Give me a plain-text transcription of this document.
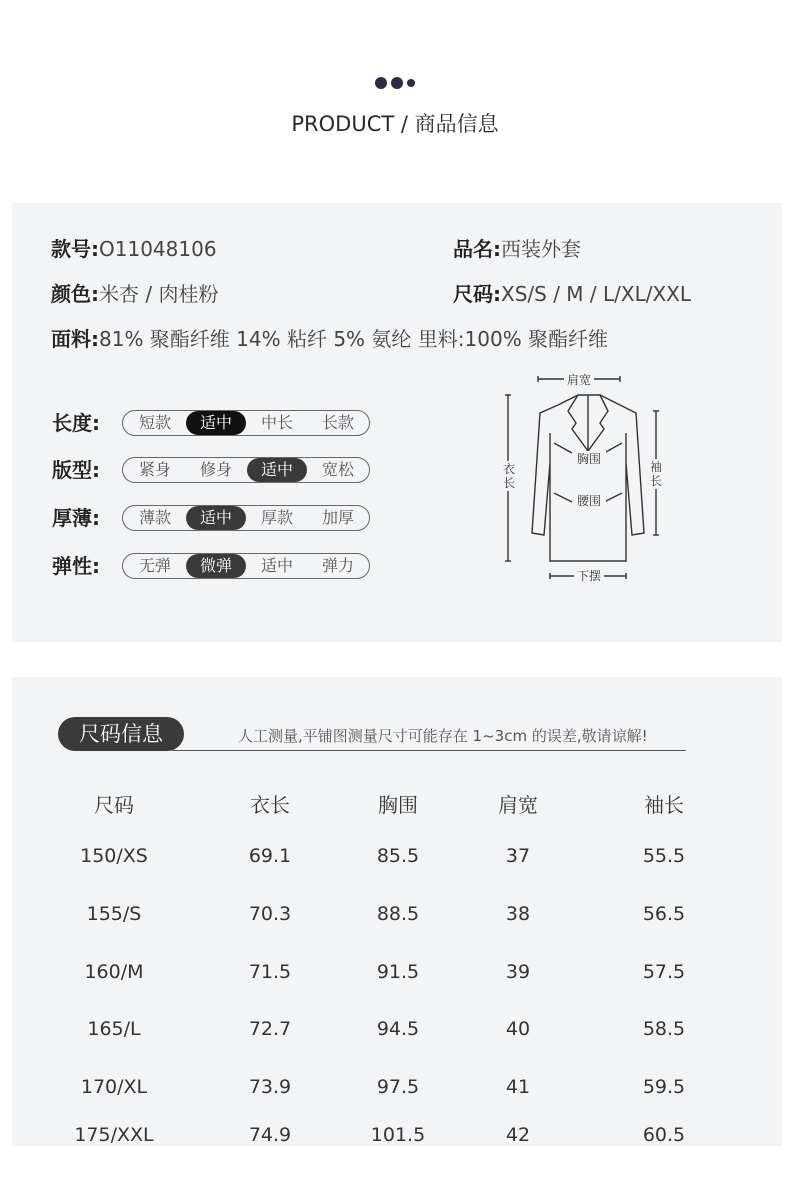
PRODUCT / 商品信息
款号:O11048106	品名:西装外套
颜色:米杏 / 肉桂粉	尺码:XS/S / M / L/XL/XXL
面料:81% 聚酯纤维 14% 粘纤 5% 氨纶 里料:100% 聚酯纤维
长度:	短款	适中	中长	长款
版型:	紧身	修身	适中	宽松
厚薄:	薄款	适中	厚款	加厚
弹性:	无弹	微弹	适中	弹力
肩宽
衣
长
袖
长
胸围
腰围
下摆
尺码信息	人工测量,平铺图测量尺寸可能存在 1~3cm 的误差,敬请谅解!
尺码	衣长	胸围	肩宽	袖长
150/XS	69.1	85.5	37	55.5
155/S	70.3	88.5	38	56.5
160/M	71.5	91.5	39	57.5
165/L	72.7	94.5	40	58.5
170/XL	73.9	97.5	41	59.5
175/XXL	74.9	101.5	42	60.5
